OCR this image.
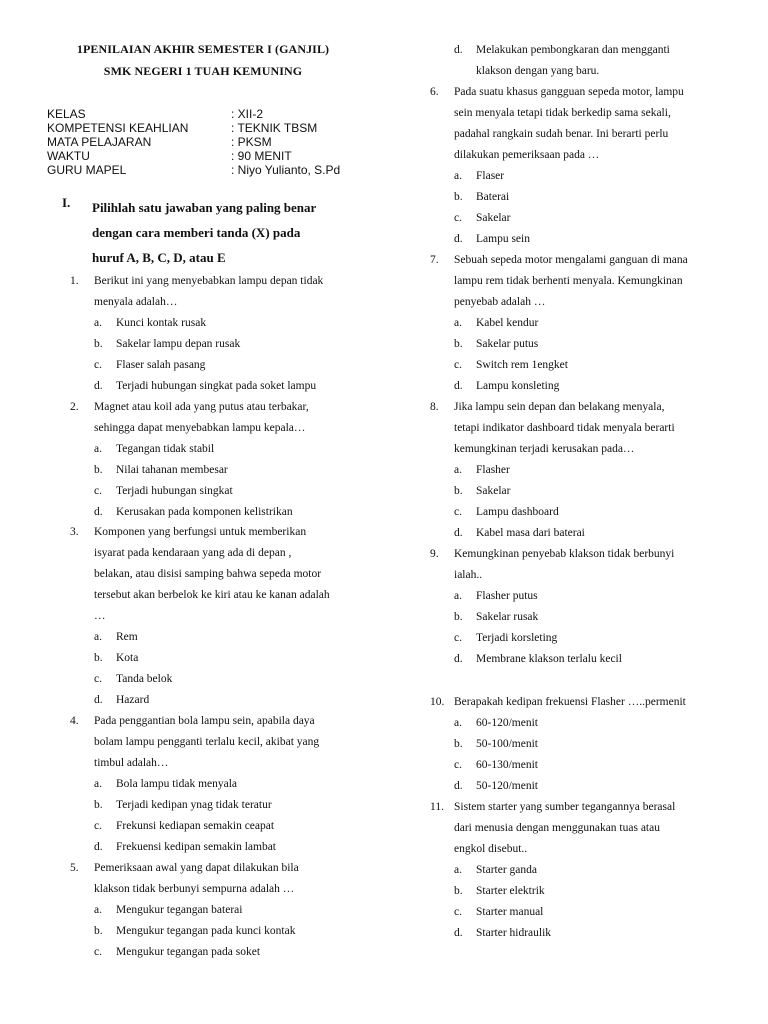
1PENILAIAN AKHIR SEMESTER I (GANJIL)
SMK NEGERI 1 TUAH KEMUNING
KELAS	: XII-2
KOMPETENSI KEAHLIAN	: TEKNIK TBSM
MATA PELAJARAN	: PKSM
WAKTU	: 90 MENIT
GURU MAPEL	: Niyo Yulianto, S.Pd
I. Pilihlah satu jawaban yang paling benar
dengan cara memberi tanda (X) pada
huruf A, B, C, D, atau E
1.	Berikut ini yang menyebabkan lampu depan tidak
menyala adalah…
a. Kunci kontak rusak
b. Sakelar lampu depan rusak
c. Flaser salah pasang
d. Terjadi hubungan singkat pada soket lampu
2.	Magnet atau koil ada yang putus atau terbakar,
sehingga dapat menyebabkan lampu kepala…
a. Tegangan tidak stabil
b. Nilai tahanan membesar
c. Terjadi hubungan singkat
d. Kerusakan pada komponen kelistrikan
3.	Komponen yang berfungsi untuk memberikan
isyarat pada kendaraan yang ada di depan ,
belakan, atau disisi samping bahwa sepeda motor
tersebut akan berbelok ke kiri atau ke kanan adalah
…
a. Rem
b. Kota
c. Tanda belok
d. Hazard
4.	Pada penggantian bola lampu sein, apabila daya
bolam lampu pengganti terlalu kecil, akibat yang
timbul adalah…
a. Bola lampu tidak menyala
b. Terjadi kedipan ynag tidak teratur
c. Frekunsi kediapan semakin ceapat
d. Frekuensi kedipan semakin lambat
d. Melakukan pembongkaran dan mengganti
klakson dengan yang baru.
5.	Pemeriksaan awal yang dapat dilakukan bila
klakson tidak berbunyi sempurna adalah …
a. Mengukur tegangan baterai
b. Mengukur tegangan pada kunci kontak
c. Mengukur tegangan pada soket
6.	Pada suatu khasus gangguan sepeda motor, lampu
sein menyala tetapi tidak berkedip sama sekali,
padahal rangkain sudah benar. Ini berarti perlu
dilakukan pemeriksaan pada …
a. Flaser
b. Baterai
c. Sakelar
d. Lampu sein
7.	Sebuah sepeda motor mengalami ganguan di mana
lampu rem tidak berhenti menyala. Kemungkinan
penyebab adalah …
a. Kabel kendur
b. Sakelar putus
c. Switch rem 1engket
d. Lampu konsleting
8.	Jika lampu sein depan dan belakang menyala,
tetapi indikator dashboard tidak menyala berarti
kemungkinan terjadi kerusakan pada…
a. Flasher
b. Sakelar
c. Lampu dashboard
d. Kabel masa dari baterai
9.	Kemungkinan penyebab klakson tidak berbunyi
ialah..
a. Flasher putus
b. Sakelar rusak
c. Terjadi korsleting
d. Membrane klakson terlalu kecil
10. Berapakah kedipan frekuensi Flasher …..permenit
a. 60-120/menit
b. 50-100/menit
c. 60-130/menit
d. 50-120/menit
11. Sistem starter yang sumber tegangannya berasal
dari menusia dengan menggunakan tuas atau
engkol disebut..
a. Starter ganda
b. Starter elektrik
c. Starter manual
d. Starter hidraulik
